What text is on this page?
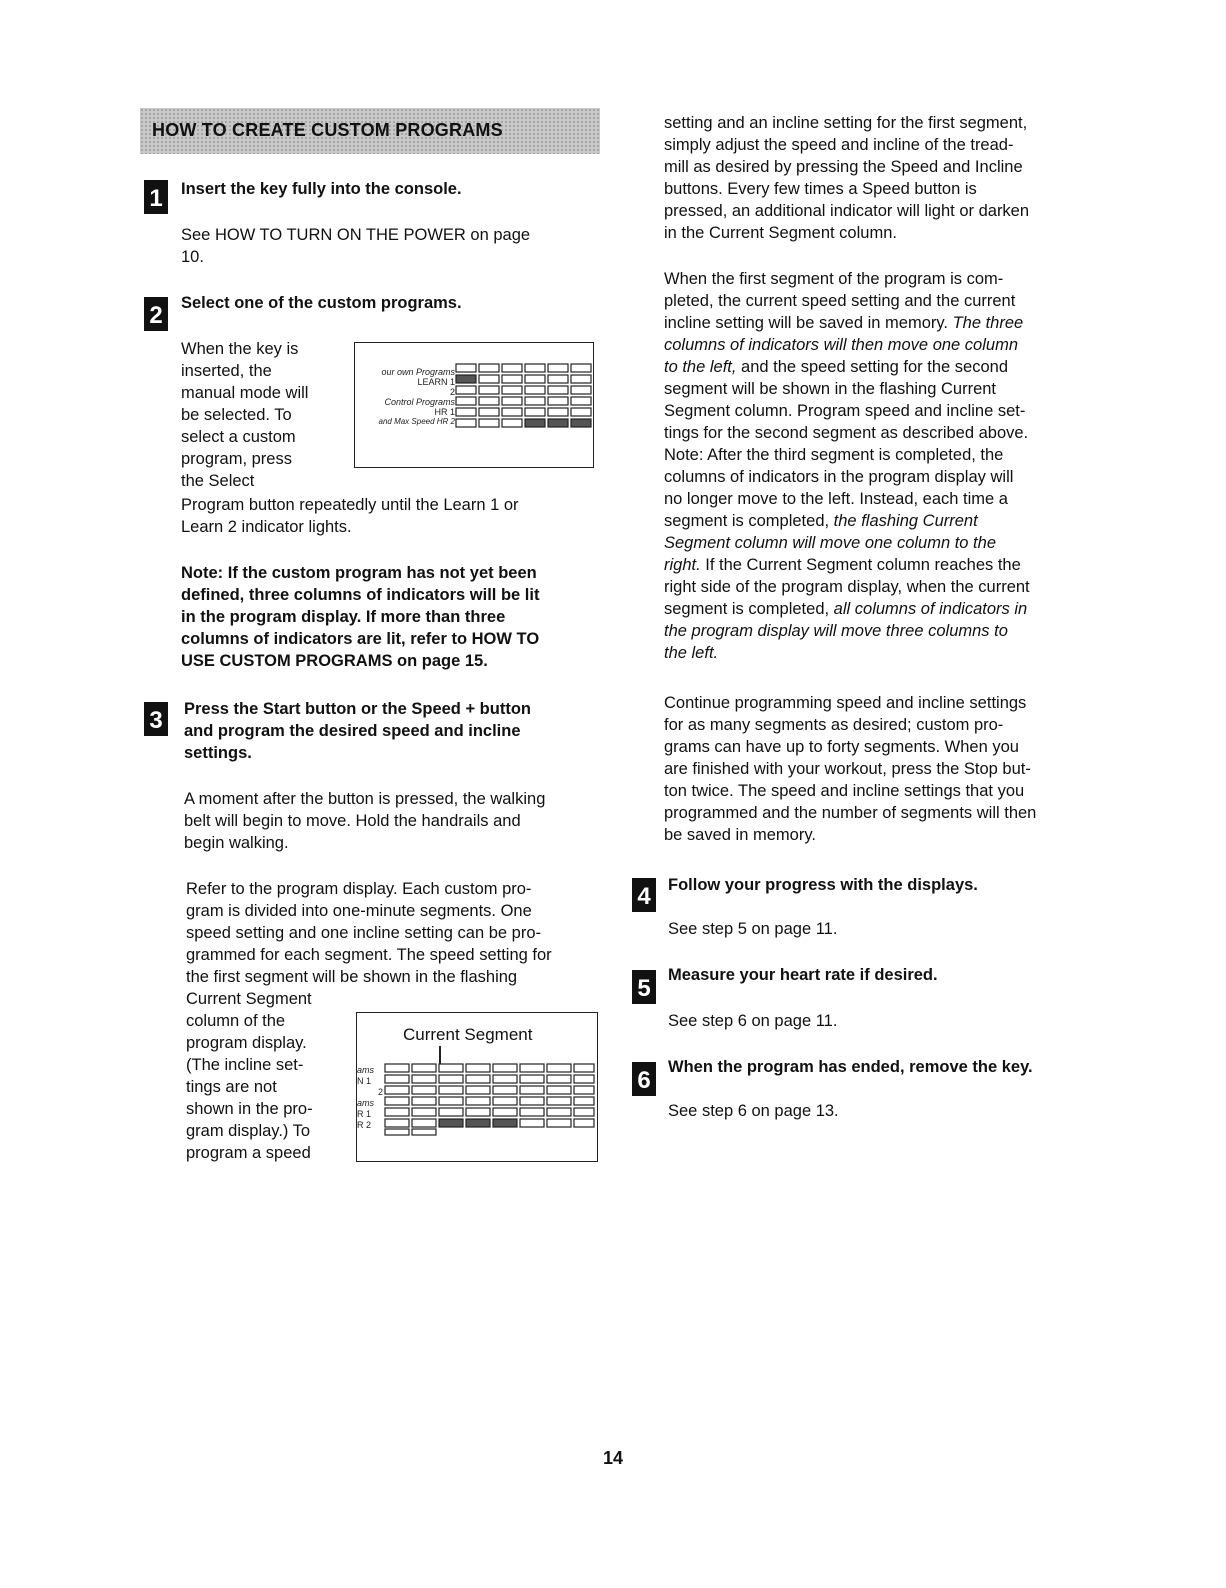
HOW TO CREATE CUSTOM PROGRAMS
1	Insert the key fully into the console.
See HOW TO TURN ON THE POWER on page
10.
2	Select one of the custom programs.
When the key is
inserted, the
manual mode will
be selected. To
select a custom
program, press
the Select
Program button repeatedly until the Learn 1 or
Learn 2 indicator lights.
our own Programs
LEARN 1
2
Control Programs
HR 1
and Max Speed HR 2
Note: If the custom program has not yet been
defined, three columns of indicators will be lit
in the program display. If more than three
columns of indicators are lit, refer to HOW TO
USE CUSTOM PROGRAMS on page 15.
3	Press the Start button or the Speed + button
and program the desired speed and incline
settings.
A moment after the button is pressed, the walking
belt will begin to move. Hold the handrails and
begin walking.
Refer to the program display. Each custom pro-
gram is divided into one-minute segments. One
speed setting and one incline setting can be pro-
grammed for each segment. The speed setting for
the first segment will be shown in the flashing
Current Segment
column of the
program display.
(The incline set-
tings are not
shown in the pro-
gram display.) To
program a speed
Current Segment
ams
N 1
2
ams
R 1
R 2
setting and an incline setting for the first segment,
simply adjust the speed and incline of the tread-
mill as desired by pressing the Speed and Incline
buttons. Every few times a Speed button is
pressed, an additional indicator will light or darken
in the Current Segment column.
When the first segment of the program is com-
pleted, the current speed setting and the current
incline setting will be saved in memory. The three
columns of indicators will then move one column
to the left, and the speed setting for the second
segment will be shown in the flashing Current
Segment column. Program speed and incline set-
tings for the second segment as described above.
Note: After the third segment is completed, the
columns of indicators in the program display will
no longer move to the left. Instead, each time a
segment is completed, the flashing Current
Segment column will move one column to the
right. If the Current Segment column reaches the
right side of the program display, when the current
segment is completed, all columns of indicators in
the program display will move three columns to
the left.
Continue programming speed and incline settings
for as many segments as desired; custom pro-
grams can have up to forty segments. When you
are finished with your workout, press the Stop but-
ton twice. The speed and incline settings that you
programmed and the number of segments will then
be saved in memory.
4	Follow your progress with the displays.
See step 5 on page 11.
5	Measure your heart rate if desired.
See step 6 on page 11.
6	When the program has ended, remove the key.
See step 6 on page 13.
14
